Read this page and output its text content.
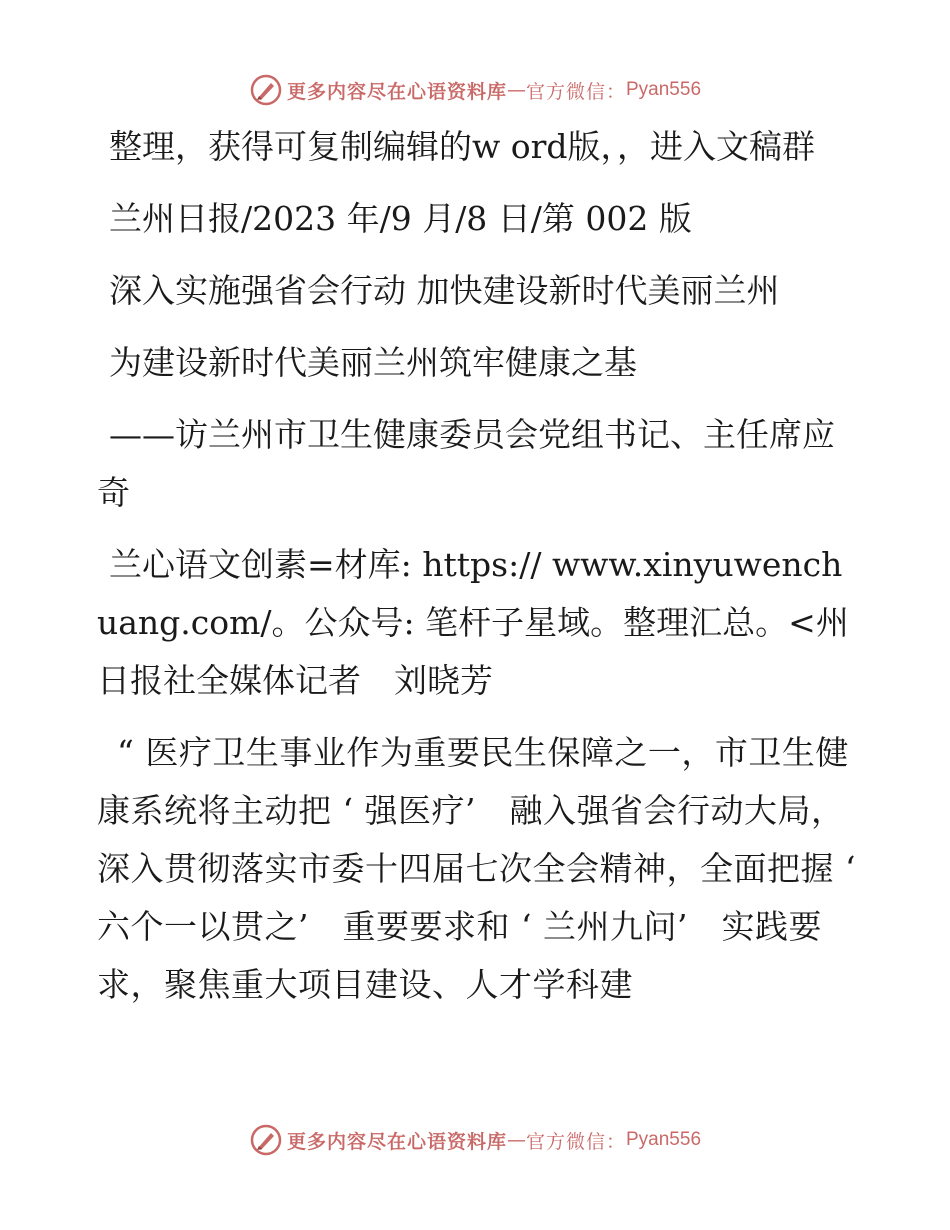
更多内容尽在心语资料库 — 官方微信： Pyan556

整理，获得可复制编辑的w ord版，，进入文稿群

兰州日报/2023 年/9 月/8 日/第 002 版

深入实施强省会行动 加快建设新时代美丽兰州

为建设新时代美丽兰州筑牢健康之基

——访兰州市卫生健康委员会党组书记、主任席应奇

兰心语文创素=材库: https:// www.xinyuwenchuang.com/。公众号: 笔杆子星域。整理汇总。<州日报社全媒体记者　刘晓芳

“ 医疗卫生事业作为重要民生保障之一，市卫生健康系统将主动把 ‘ 强医疗’　融入强省会行动大局，深入贯彻落实市委十四届七次全会精神，全面把握 ‘ 六个一以贯之’　重要要求和 ‘ 兰州九问’　实践要求，聚焦重大项目建设、人才学科建

更多内容尽在心语资料库 — 官方微信： Pyan556
